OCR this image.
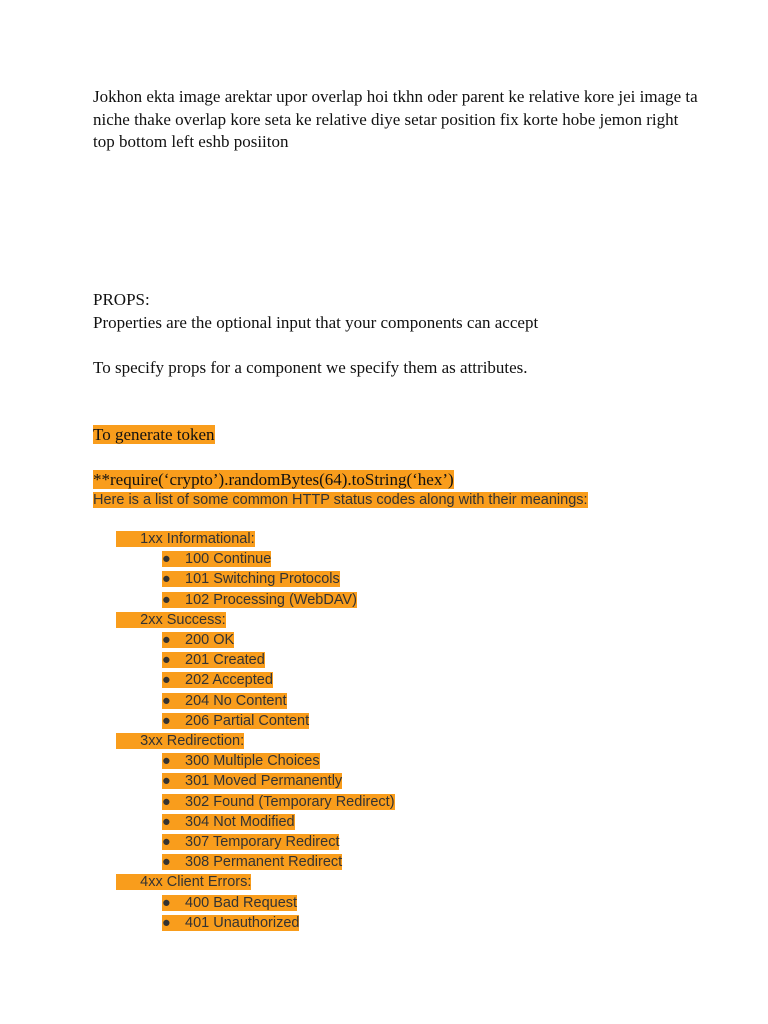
Jokhon ekta image arektar upor overlap hoi tkhn oder parent ke relative kore jei image ta niche thake overlap kore seta ke relative diye setar position fix korte hobe jemon right top bottom left eshb posiiton

PROPS:

Properties are the optional input that your components can accept

To specify props for a component we specify them as attributes.

To generate token

**require(‘crypto’).randomBytes(64).toString(‘hex’)

Here is a list of some common HTTP status codes along with their meanings:

1xx Informational:

● 100 Continue

● 101 Switching Protocols

● 102 Processing (WebDAV)

2xx Success:

● 200 OK

● 201 Created

● 202 Accepted

● 204 No Content

● 206 Partial Content

3xx Redirection:

● 300 Multiple Choices

● 301 Moved Permanently

● 302 Found (Temporary Redirect)

● 304 Not Modified

● 307 Temporary Redirect

● 308 Permanent Redirect

4xx Client Errors:

● 400 Bad Request

● 401 Unauthorized
